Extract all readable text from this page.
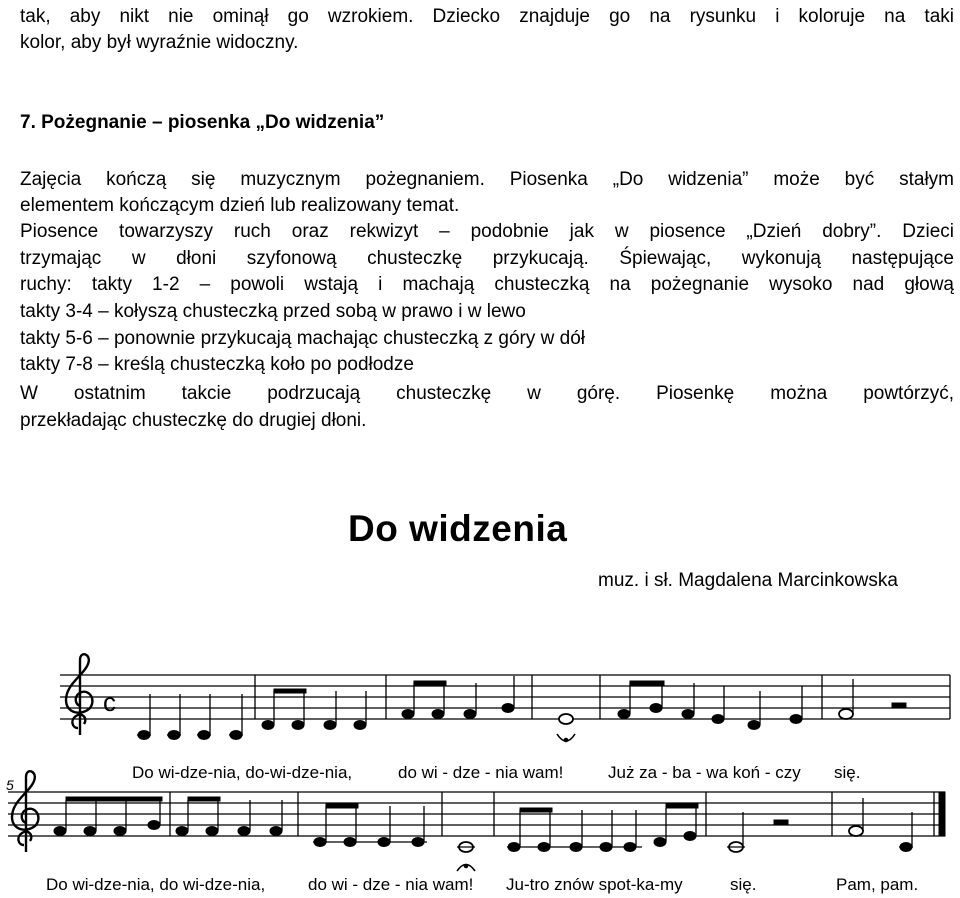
tak, aby nikt nie ominął go wzrokiem. Dziecko znajduje go na rysunku i koloruje na taki
kolor, aby był wyraźnie widoczny.
7. Pożegnanie – piosenka „Do widzenia”
Zajęcia kończą się muzycznym pożegnaniem. Piosenka „Do widzenia” może być stałym
elementem kończącym dzień lub realizowany temat.
Piosence towarzyszy ruch oraz rekwizyt – podobnie jak w piosence „Dzień dobry”. Dzieci
trzymając w dłoni szyfonową chusteczkę przykucają. Śpiewając, wykonują następujące
ruchy: takty 1-2 – powoli wstają i machają chusteczką na pożegnanie wysoko nad głową
takty 3-4 – kołyszą chusteczką przed sobą w prawo i w lewo
takty 5-6 – ponownie przykucają machając chusteczką z góry w dół
takty 7-8 – kreślą chusteczką koło po podłodze
W ostatnim takcie podrzucają chusteczkę w górę. Piosenkę można powtórzyć,
przekładając chusteczkę do drugiej dłoni.
Do widzenia
muz. i sł. Magdalena Marcinkowska
c
Do wi-dze-nia, do-wi-dze-nia,	do wi - dze - nia wam!	Już za - ba - wa koń - czy się.
5
Do wi-dze-nia, do wi-dze-nia,	do wi - dze - nia wam! Ju-tro znów spot-ka-my	się.	Pam, pam.
